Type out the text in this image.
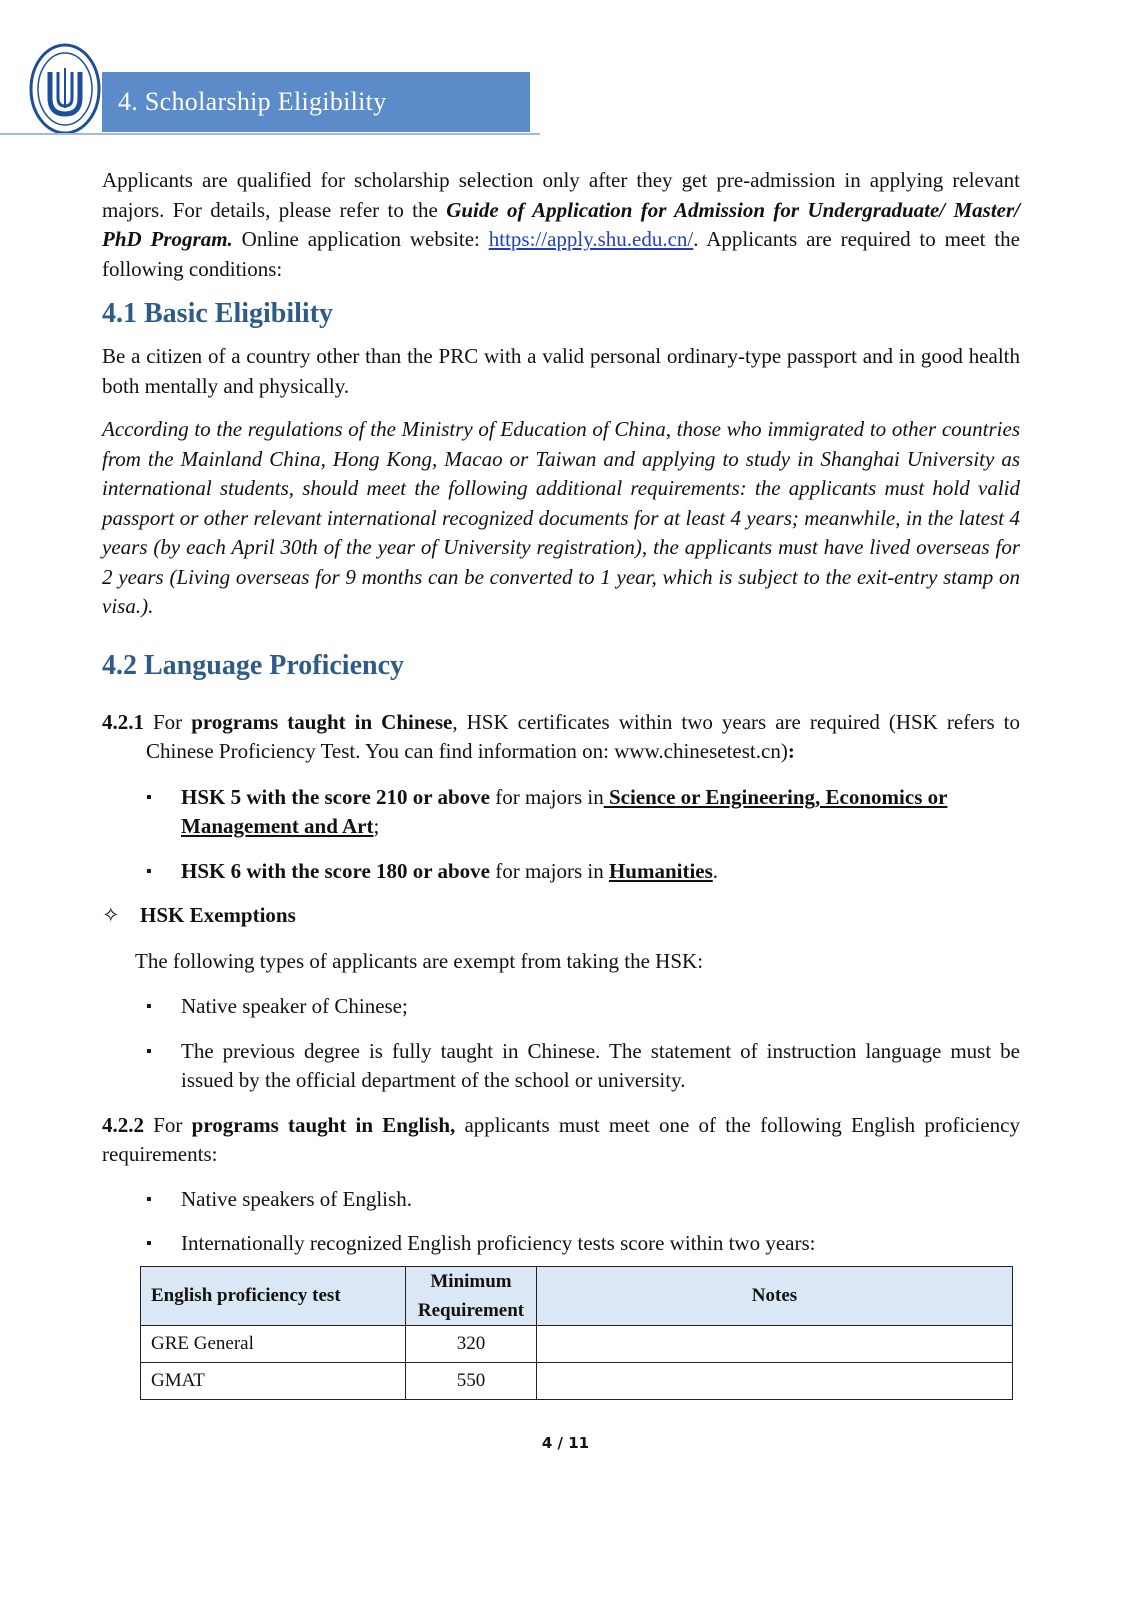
4. Scholarship Eligibility

Applicants are qualified for scholarship selection only after they get pre-admission in applying relevant majors. For details, please refer to the Guide of Application for Admission for Undergraduate/ Master/ PhD Program. Online application website: https://apply.shu.edu.cn/. Applicants are required to meet the following conditions:

4.1 Basic Eligibility

Be a citizen of a country other than the PRC with a valid personal ordinary-type passport and in good health both mentally and physically.

According to the regulations of the Ministry of Education of China, those who immigrated to other countries from the Mainland China, Hong Kong, Macao or Taiwan and applying to study in Shanghai University as international students, should meet the following additional requirements: the applicants must hold valid passport or other relevant international recognized documents for at least 4 years; meanwhile, in the latest 4 years (by each April 30th of the year of University registration), the applicants must have lived overseas for 2 years (Living overseas for 9 months can be converted to 1 year, which is subject to the exit-entry stamp on visa.).

4.2 Language Proficiency

4.2.1 For programs taught in Chinese, HSK certificates within two years are required (HSK refers to Chinese Proficiency Test. You can find information on: www.chinesetest.cn):

▪ HSK 5 with the score 210 or above for majors in Science or Engineering, Economics or Management and Art;
▪ HSK 6 with the score 180 or above for majors in Humanities.
✧ HSK Exemptions

The following types of applicants are exempt from taking the HSK:

▪ Native speaker of Chinese;
▪ The previous degree is fully taught in Chinese. The statement of instruction language must be issued by the official department of the school or university.

4.2.2 For programs taught in English, applicants must meet one of the following English proficiency requirements:

▪ Native speakers of English.
▪ Internationally recognized English proficiency tests score within two years:
English proficiency test	Minimum Requirement	Notes
GRE General	320	
GMAT	550	
4 / 11
